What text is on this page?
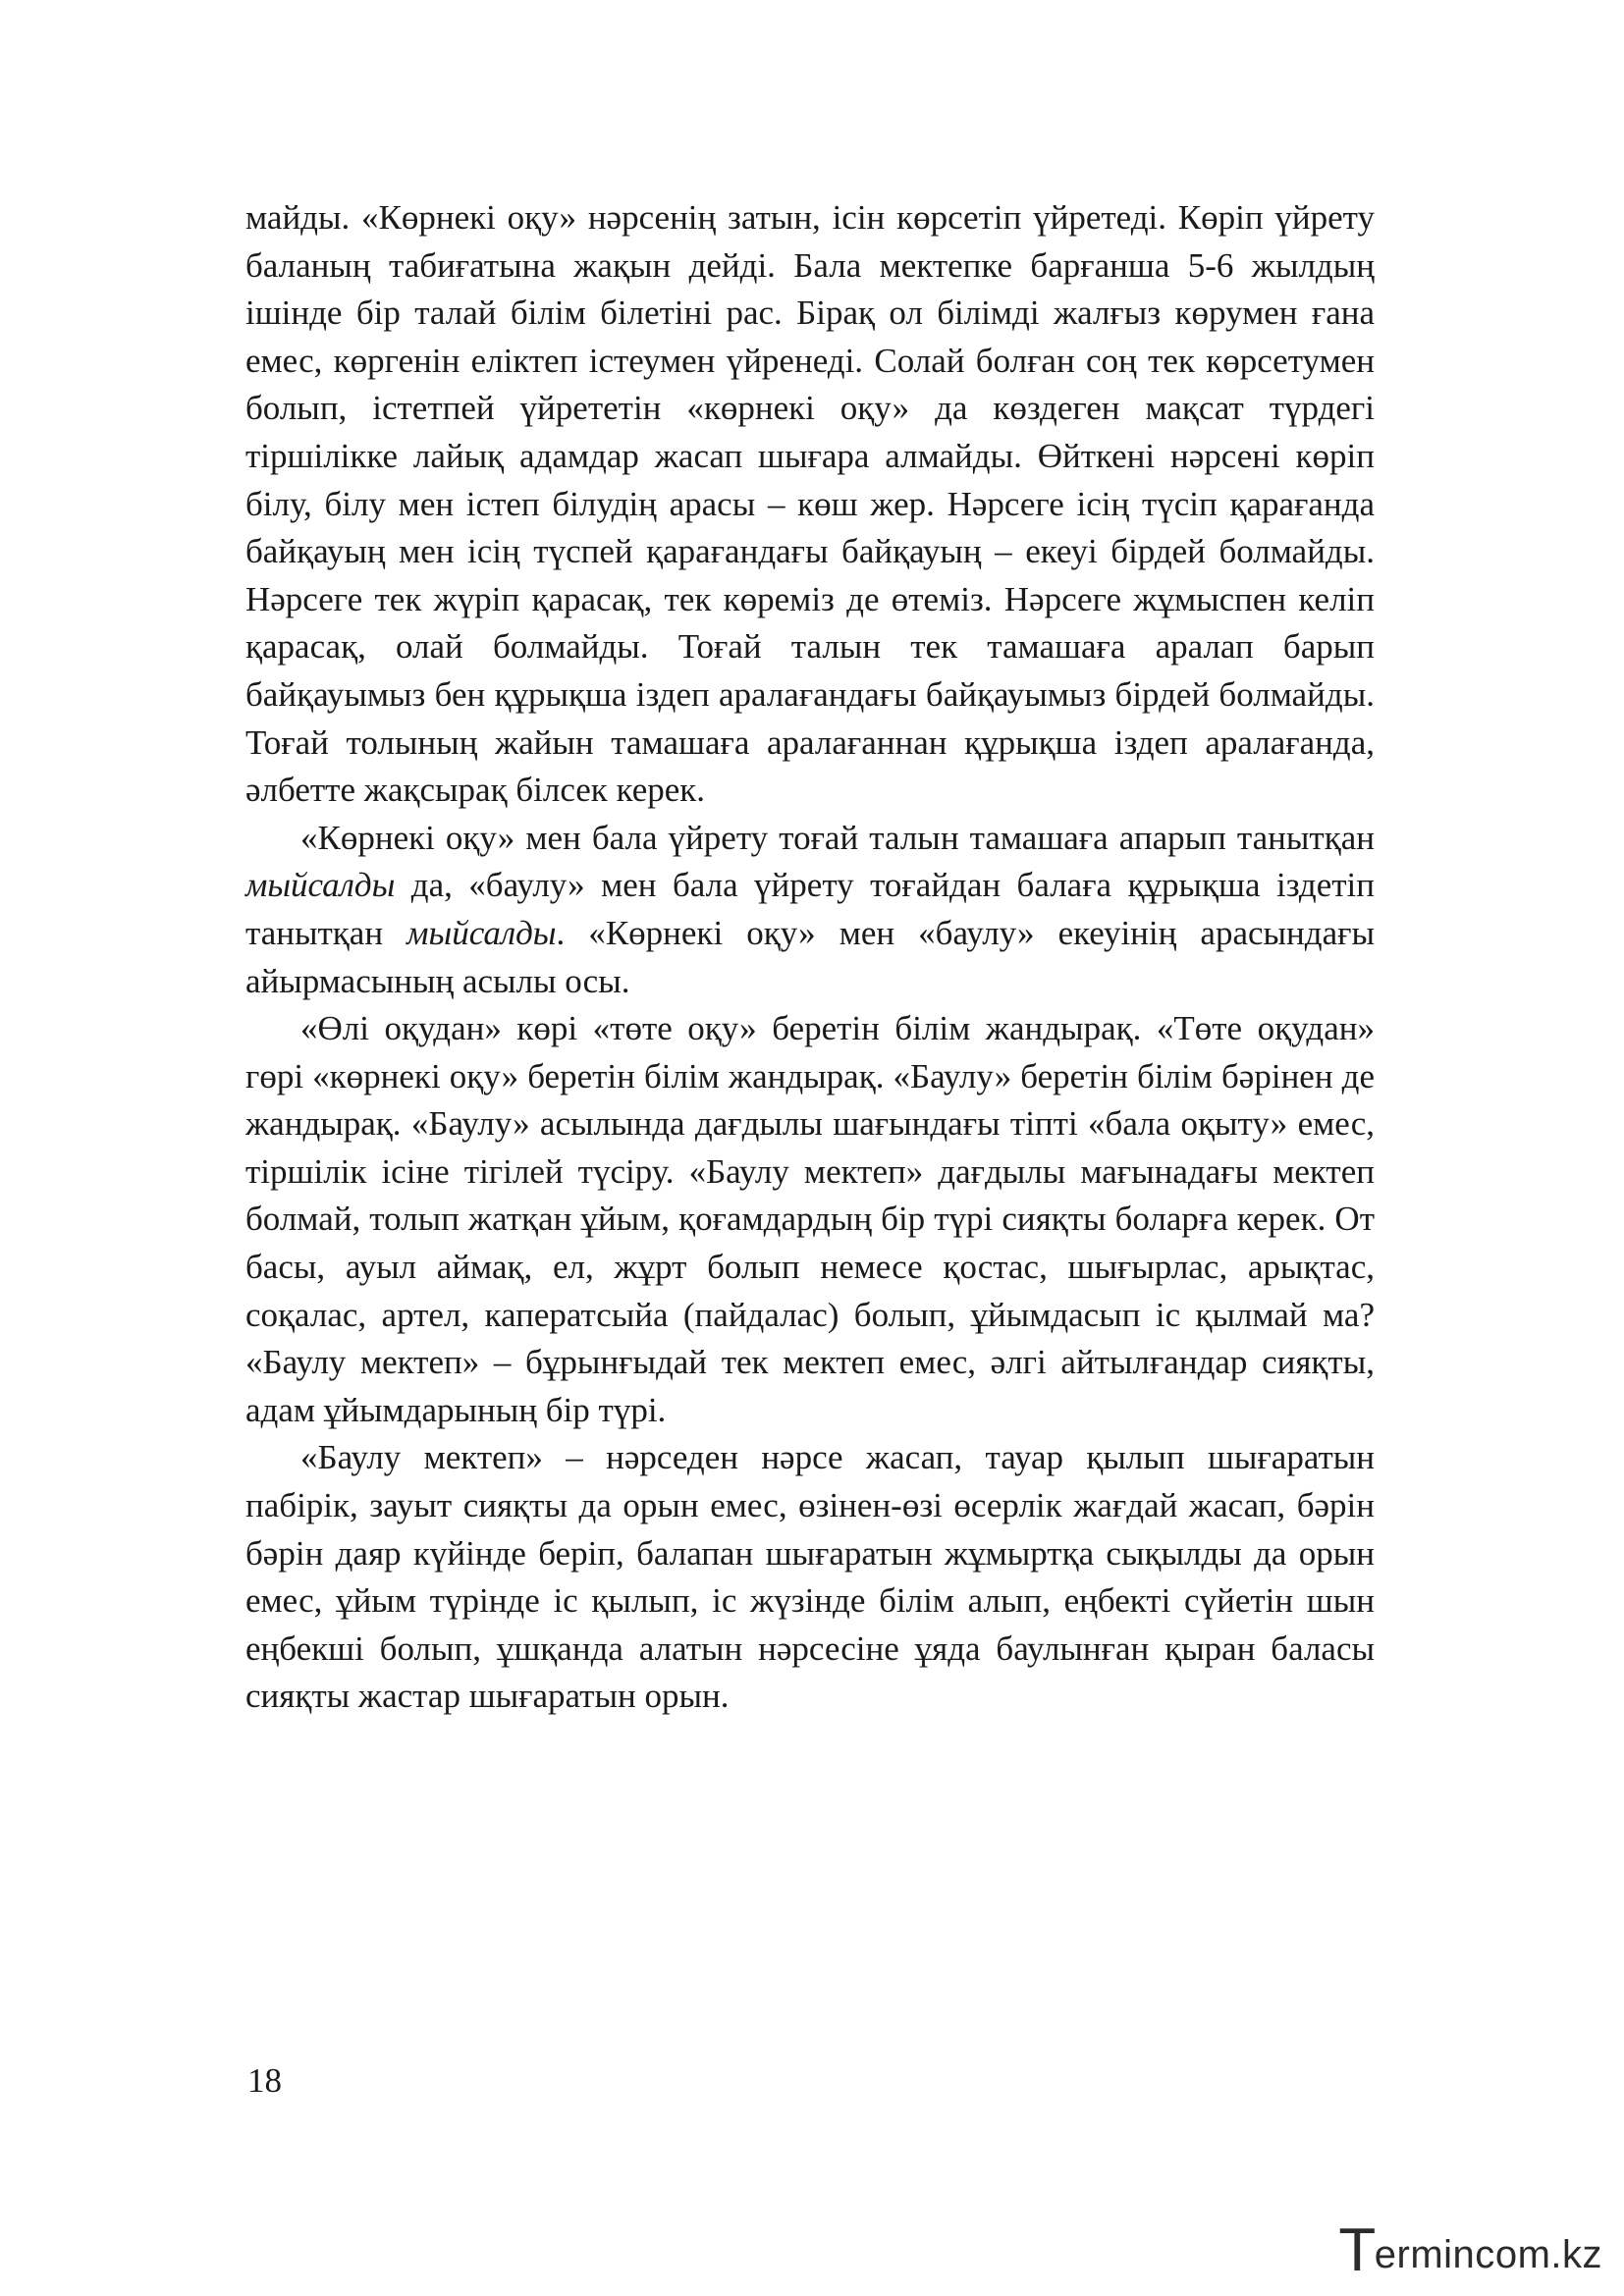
майды. «Көрнекі оқу» нәрсенің затын, ісін көрсетіп үйретеді. Көріп үйрету баланың табиғатына жақын дейді. Бала мектепке барғанша 5-6 жылдың ішінде бір талай білім білетіні рас. Бірақ ол білімді жалғыз көрумен ғана емес, көргенін еліктеп істеумен үйренеді. Солай болған соң тек көрсетумен болып, істетпей үйрететін «көрнекі оқу» да көздеген мақсат түрдегі тіршілікке лайық адамдар жасап шығара алмайды. Өйткені нәрсені көріп білу, білу мен істеп білудің арасы – көш жер. Нәрсеге ісің түсіп қарағанда байқауың мен ісің түспей қарағандағы байқауың – екеуі бірдей болмайды. Нәрсеге тек жүріп қарасақ, тек көреміз де өтеміз. Нәрсеге жұмыспен келіп қарасақ, олай болмайды. Тоғай талын тек тамашаға аралап барып байқауымыз бен құрықша іздеп аралағандағы байқауымыз бірдей болмайды. Тоғай толының жайын тамашаға аралағаннан құрықша іздеп аралағанда, әлбетте жақсырақ білсек керек.

«Көрнекі оқу» мен бала үйрету тоғай талын тамашаға апарып танытқан мыйсалды да, «баулу» мен бала үйрету тоғайдан балаға құрықша іздетіп танытқан мыйсалды. «Көрнекі оқу» мен «баулу» екеуінің арасындағы айырмасының асылы осы.

«Өлі оқудан» көрі «төте оқу» беретін білім жандырақ. «Төте оқудан» гөрі «көрнекі оқу» беретін білім жандырақ. «Баулу» беретін білім бәрінен де жандырақ. «Баулу» асылында дағдылы шағындағы тіпті «бала оқыту» емес, тіршілік ісіне тігілей түсіру. «Баулу мектеп» дағдылы мағынадағы мектеп болмай, толып жатқан ұйым, қоғамдардың бір түрі сияқты боларға керек. От басы, ауыл аймақ, ел, жұрт болып немесе қостас, шығырлас, арықтас, соқалас, артел, каператсыйа (пайдалас) болып, ұйымдасып іс қылмай ма? «Баулу мектеп» – бұрынғыдай тек мектеп емес, әлгі айтылғандар сияқты, адам ұйымдарының бір түрі.

«Баулу мектеп» – нәрседен нәрсе жасап, тауар қылып шығаратын пабірік, зауыт сияқты да орын емес, өзінен-өзі өсерлік жағдай жасап, бәрін бәрін даяр күйінде беріп, балапан шығаратын жұмыртқа сықылды да орын емес, ұйым түрінде іс қылып, іс жүзінде білім алып, еңбекті сүйетін шын еңбекші болып, ұшқанда алатын нәрсесіне ұяда баулынған қыран баласы сияқты жастар шығаратын орын.

18
T
erminc o m.kz
